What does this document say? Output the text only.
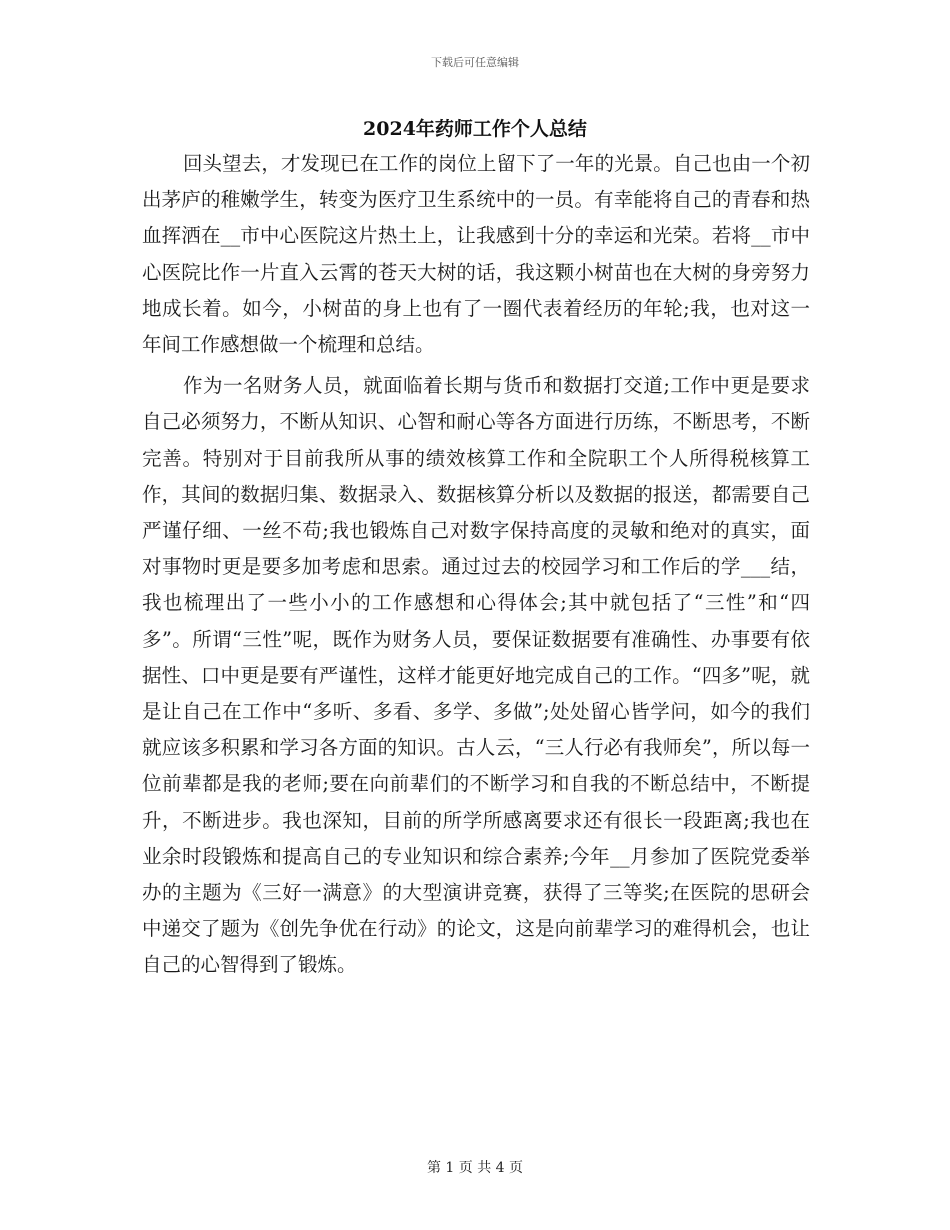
下载后可任意编辑
2024年药师工作个人总结

回头望去，才发现已在工作的岗位上留下了一年的光景。自己也由一个初出茅庐的稚嫩学生，转变为医疗卫生系统中的一员。有幸能将自己的青春和热血挥洒在__市中心医院这片热土上，让我感到十分的幸运和光荣。若将__市中心医院比作一片直入云霄的苍天大树的话，我这颗小树苗也在大树的身旁努力地成长着。如今，小树苗的身上也有了一圈代表着经历的年轮;我，也对这一年间工作感想做一个梳理和总结。

作为一名财务人员，就面临着长期与货币和数据打交道;工作中更是要求自己必须努力，不断从知识、心智和耐心等各方面进行历练，不断思考，不断完善。特别对于目前我所从事的绩效核算工作和全院职工个人所得税核算工作，其间的数据归集、数据录入、数据核算分析以及数据的报送，都需要自己严谨仔细、一丝不苟;我也锻炼自己对数字保持高度的灵敏和绝对的真实，面对事物时更是要多加考虑和思索。通过过去的校园学习和工作后的学___结，我也梳理出了一些小小的工作感想和心得体会;其中就包括了“三性”和“四多”。所谓“三性”呢，既作为财务人员，要保证数据要有准确性、办事要有依据性、口中更是要有严谨性，这样才能更好地完成自己的工作。“四多”呢，就是让自己在工作中“多听、多看、多学、多做”;处处留心皆学问，如今的我们就应该多积累和学习各方面的知识。古人云，“三人行必有我师矣”，所以每一位前辈都是我的老师;要在向前辈们的不断学习和自我的不断总结中，不断提升，不断进步。我也深知，目前的所学所感离要求还有很长一段距离;我也在业余时段锻炼和提高自己的专业知识和综合素养;今年__月参加了医院党委举办的主题为《三好一满意》的大型演讲竞赛，获得了三等奖;在医院的思研会中递交了题为《创先争优在行动》的论文，这是向前辈学习的难得机会，也让自己的心智得到了锻炼。

第 1 页 共 4 页
